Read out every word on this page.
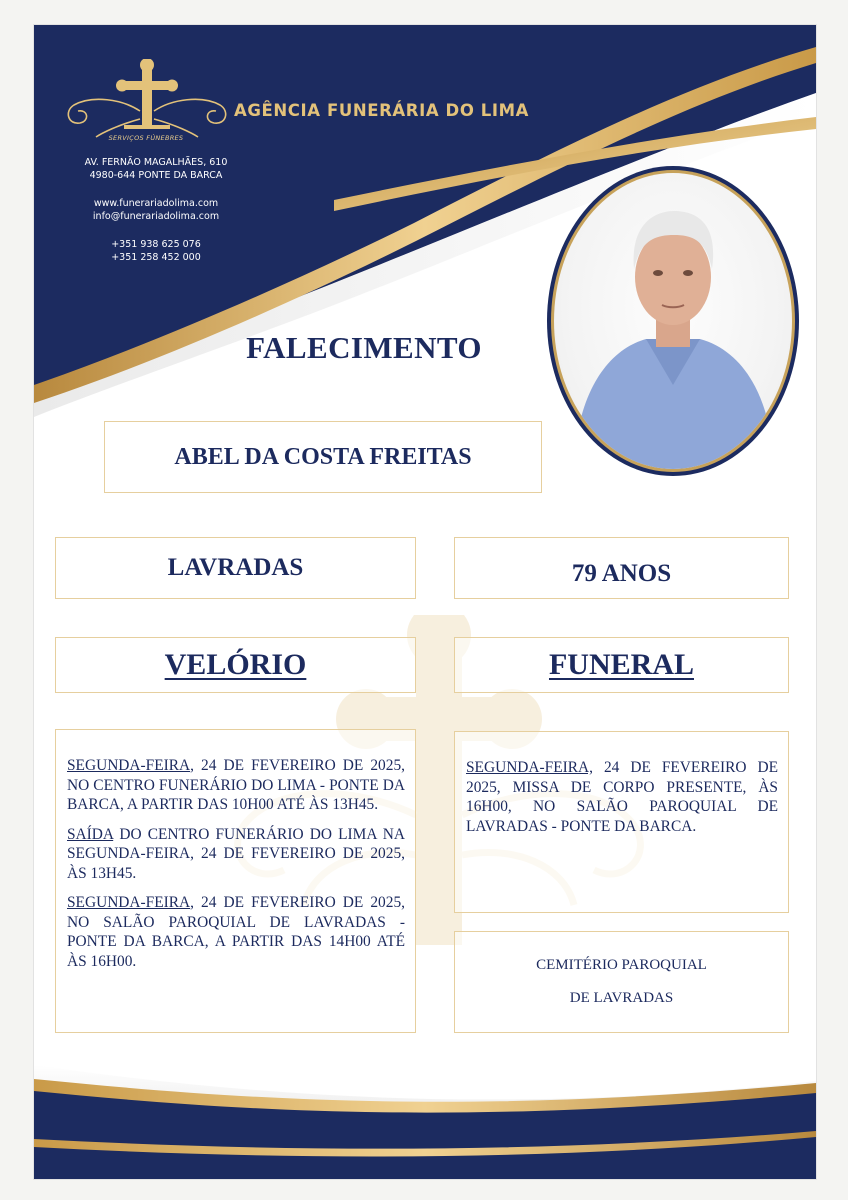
SERVIÇOS FÚNEBRES
AGÊNCIA FUNERÁRIA DO LIMA
AV. FERNÃO MAGALHÃES, 610
4980-644 PONTE DA BARCA
www.funerariadolima.com
info@funerariadolima.com
+351 938 625 076
+351 258 452 000
FALECIMENTO
ABEL DA COSTA FREITAS
LAVRADAS	79 ANOS
VELÓRIO	FUNERAL

SEGUNDA-FEIRA, 24 DE FEVEREIRO DE 2025, NO CENTRO FUNERÁRIO DO LIMA - PONTE DA BARCA, A PARTIR DAS 10H00 ATÉ ÀS 13H45.

SAÍDA DO CENTRO FUNERÁRIO DO LIMA NA SEGUNDA-FEIRA, 24 DE FEVEREIRO DE 2025, ÀS 13H45.

SEGUNDA-FEIRA, 24 DE FEVEREIRO DE 2025, NO SALÃO PAROQUIAL DE LAVRADAS - PONTE DA BARCA, A PARTIR DAS 14H00 ATÉ ÀS 16H00.

SEGUNDA-FEIRA, 24 DE FEVEREIRO DE 2025, MISSA DE CORPO PRESENTE, ÀS 16H00, NO SALÃO PAROQUIAL DE LAVRADAS - PONTE DA BARCA.

CEMITÉRIO PAROQUIAL
DE LAVRADAS
